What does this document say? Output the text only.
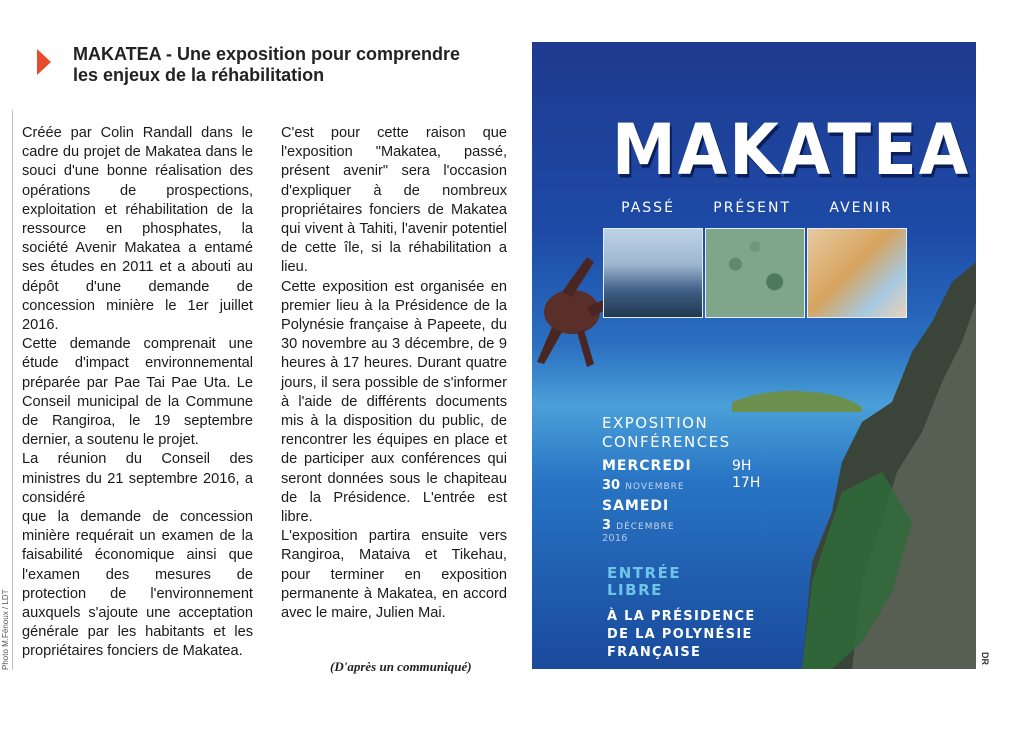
MAKATEA - Une exposition pour comprendre
les enjeux de la réhabilitation

Créée par Colin Randall dans le cadre du projet de Makatea dans le souci d'une bonne réalisation des opérations de prospections, exploitation et réhabilitation de la ressource en phosphates, la société Avenir Makatea a entamé ses études en 2011 et a abouti au dépôt d'une demande de concession minière le 1er juillet 2016.

Cette demande comprenait une étude d'impact environnemental préparée par Pae Tai Pae Uta. Le Conseil municipal de la Commune de Rangiroa, le 19 septembre dernier, a soutenu le projet.

La réunion du Conseil des ministres du 21 septembre 2016, a considéré

que la demande de concession minière requérait un examen de la faisabilité économique ainsi que l'examen des mesures de protection de l'environnement auxquels s'ajoute une acceptation générale par les habitants et les propriétaires fonciers de Makatea.

C'est pour cette raison que l'exposition "Makatea, passé, présent avenir" sera l'occasion d'expliquer à de nombreux propriétaires fonciers de Makatea qui vivent à Tahiti, l'avenir potentiel de cette île, si la réhabilitation a lieu.

Cette exposition est organisée en premier lieu à la Présidence de la Polynésie française à Papeete, du 30 novembre au 3 décembre, de 9 heures à 17 heures. Durant quatre jours, il sera possible de s'informer à l'aide de différents documents mis à la disposition du public, de rencontrer les équipes en place et de participer aux conférences qui seront données sous le chapiteau de la Présidence. L'entrée est libre.

L'exposition partira ensuite vers Rangiroa, Mataiva et Tikehau, pour terminer en exposition permanente à Makatea, en accord avec le maire, Julien Mai.

(D'après un communiqué)
Photo M.Fénoux / LDT	DR
MAKATEA
PASSÉ	PRÉSENT	AVENIR
EXPOSITION
CONFÉRENCES
MERCREDI
30 NOVEMBRE
9H
17H
SAMEDI
3 DÉCEMBRE
2016
ENTRÉE
LIBRE
À LA PRÉSIDENCE
DE LA POLYNÉSIE
FRANÇAISE
